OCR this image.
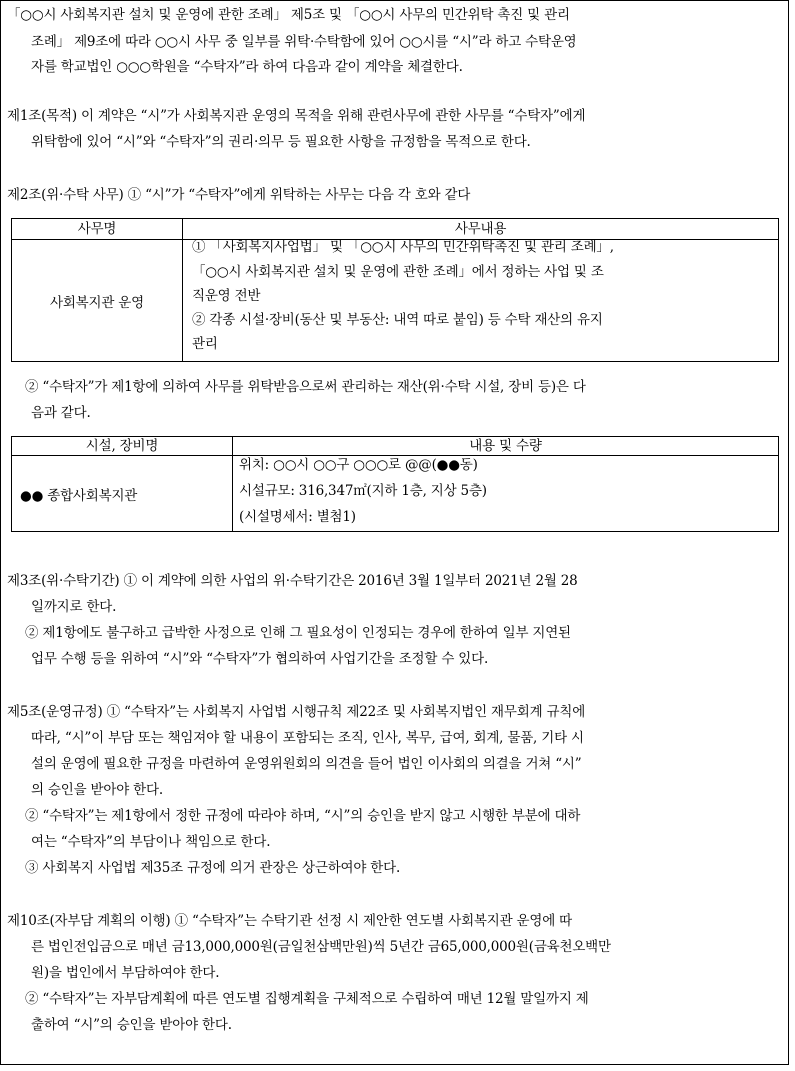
「○○시 사회복지관 설치 및 운영에 관한 조례」 제5조 및 「○○시 사무의 민간위탁 촉진 및 관리
조례」 제9조에 따라 ○○시 사무 중 일부를 위탁·수탁함에 있어 ○○시를 “시”라 하고 수탁운영
자를 학교법인 ○○○학원을 “수탁자”라 하여 다음과 같이 계약을 체결한다.
제1조(목적) 이 계약은 “시”가 사회복지관 운영의 목적을 위해 관련사무에 관한 사무를 “수탁자”에게
위탁함에 있어 “시”와 “수탁자”의 권리·의무 등 필요한 사항을 규정함을 목적으로 한다.
제2조(위·수탁 사무) ① “시”가 “수탁자”에게 위탁하는 사무는 다음 각 호와 같다
사무명	사무내용
사회복지관 운영	① 「사회복지사업법」 및 「○○시 사무의 민간위탁촉진 및 관리 조례」,
「○○시 사회복지관 설치 및 운영에 관한 조례」에서 정하는 사업 및 조
직운영 전반
② 각종 시설·장비(동산 및 부동산: 내역 따로 붙임) 등 수탁 재산의 유지
관리
② “수탁자”가 제1항에 의하여 사무를 위탁받음으로써 관리하는 재산(위·수탁 시설, 장비 등)은 다
음과 같다.
시설, 장비명	내용 및 수량
●● 종합사회복지관	위치: ○○시 ○○구 ○○○로 @@(●●동)
시설규모: 316,347㎡(지하 1층, 지상 5층)
(시설명세서: 별첨1)
제3조(위·수탁기간) ① 이 계약에 의한 사업의 위·수탁기간은 2016년 3월 1일부터 2021년 2월 28
일까지로 한다.
② 제1항에도 불구하고 급박한 사정으로 인해 그 필요성이 인정되는 경우에 한하여 일부 지연된
업무 수행 등을 위하여 “시”와 “수탁자”가 협의하여 사업기간을 조정할 수 있다.
제5조(운영규정) ① “수탁자”는 사회복지 사업법 시행규칙 제22조 및 사회복지법인 재무회계 규칙에
따라, “시”이 부담 또는 책임져야 할 내용이 포함되는 조직, 인사, 복무, 급여, 회계, 물품, 기타 시
설의 운영에 필요한 규정을 마련하여 운영위원회의 의견을 들어 법인 이사회의 의결을 거쳐 “시”
의 승인을 받아야 한다.
② “수탁자”는 제1항에서 정한 규정에 따라야 하며, “시”의 승인을 받지 않고 시행한 부분에 대하
여는 “수탁자”의 부담이나 책임으로 한다.
③ 사회복지 사업법 제35조 규정에 의거 관장은 상근하여야 한다.
제10조(자부담 계획의 이행) ① “수탁자”는 수탁기관 선정 시 제안한 연도별 사회복지관 운영에 따
른 법인전입금으로 매년 금13,000,000원(금일천삼백만원)씩 5년간 금65,000,000원(금육천오백만
원)을 법인에서 부담하여야 한다.
② “수탁자”는 자부담계획에 따른 연도별 집행계획을 구체적으로 수립하여 매년 12월 말일까지 제
출하여 “시”의 승인을 받아야 한다.
